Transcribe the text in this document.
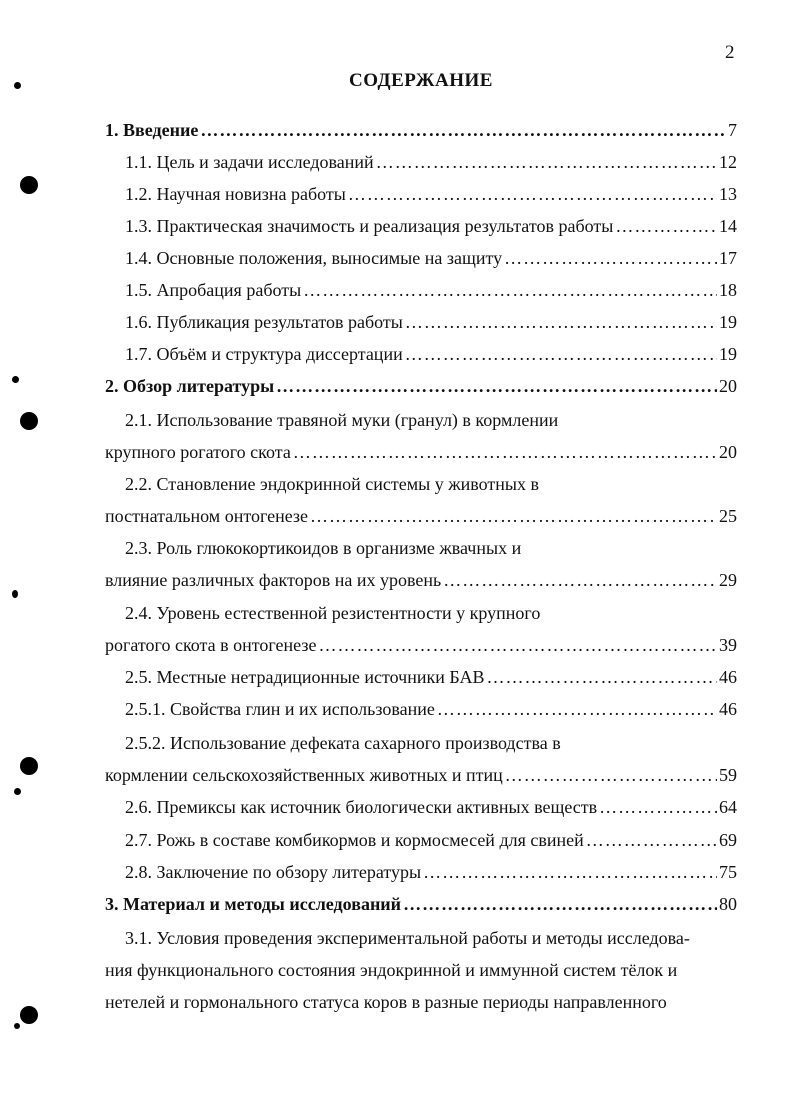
2
СОДЕРЖАНИЕ
1. Введение ………………………………………………………………………………………………………………………………………………………………………………	7
1.1. Цель и задачи исследований ………………………………………………………………………………………………………………………………………………………………………………	12
1.2. Научная новизна работы ………………………………………………………………………………………………………………………………………………………………………………	13
1.3. Практическая значимость и реализация результатов работы ………………………………………………………………………………………………………………………………………………………………………………	14
1.4. Основные положения, выносимые на защиту ………………………………………………………………………………………………………………………………………………………………………………	17
1.5. Апробация работы ………………………………………………………………………………………………………………………………………………………………………………	18
1.6. Публикация результатов работы ………………………………………………………………………………………………………………………………………………………………………………	19
1.7. Объём и структура диссертации ………………………………………………………………………………………………………………………………………………………………………………	19
2. Обзор литературы ………………………………………………………………………………………………………………………………………………………………………………	20
2.1. Использование травяной муки (гранул) в кормлении
крупного рогатого скота ………………………………………………………………………………………………………………………………………………………………………………	20
2.2. Становление эндокринной системы у животных в
постнатальном онтогенезе ………………………………………………………………………………………………………………………………………………………………………………	25
2.3. Роль глюкокортикоидов в организме жвачных и
влияние различных факторов на их уровень ………………………………………………………………………………………………………………………………………………………………………………	29
2.4. Уровень естественной резистентности у крупного
рогатого скота в онтогенезе ………………………………………………………………………………………………………………………………………………………………………………	39
2.5. Местные нетрадиционные источники БАВ ………………………………………………………………………………………………………………………………………………………………………………	46
2.5.1. Свойства глин и их использование ………………………………………………………………………………………………………………………………………………………………………………	46
2.5.2. Использование дефеката сахарного производства в
кормлении сельскохозяйственных животных и птиц ………………………………………………………………………………………………………………………………………………………………………………	59
2.6. Премиксы как источник биологически активных веществ ………………………………………………………………………………………………………………………………………………………………………………	64
2.7. Рожь в составе комбикормов и кормосмесей для свиней ………………………………………………………………………………………………………………………………………………………………………………	69
2.8. Заключение по обзору литературы ………………………………………………………………………………………………………………………………………………………………………………	75
3. Материал и методы исследований ………………………………………………………………………………………………………………………………………………………………………………	80
3.1. Условия проведения экспериментальной работы и методы исследова-
ния функционального состояния эндокринной и иммунной систем тёлок и
нетелей и гормонального статуса коров в разные периоды направленного
